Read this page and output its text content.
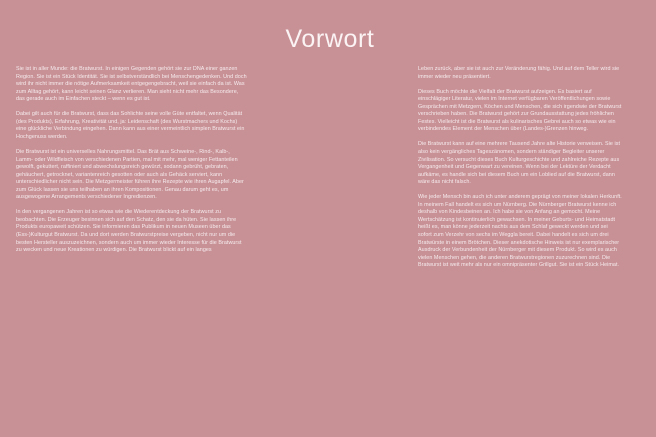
Vorwort

Sie ist in aller Munde: die Bratwurst. In einigen Gegenden gehört sie zur DNA einer ganzen Region. Sie ist ein Stück Identität. Sie ist selbstverständlich bei Menschengedenken. Und doch wird ihr nicht immer die nötige Aufmerksamkeit entgegengebracht, weil sie einfach da ist. Was zum Alltag gehört, kann leicht seinen Glanz verlieren. Man sieht nicht mehr das Besondere, das gerade auch im Einfachen steckt – wenn es gut ist.

Dabei gilt auch für die Bratwurst, dass das Sohlichte seine volle Güte entfaltet, wenn Qualität (des Produkts), Erfahrung, Kreativität und, ja: Leidenschaft (des Wurstmachers und Kochs) eine glückliche Verbindung eingehen. Dann kann aus einer vermeintlich simplen Bratwurst ein Hochgenuss werden.

Die Bratwurst ist ein universelles Nahrungsmittel. Das Brät aus Schweine-, Rind-, Kalb-, Lamm- oder Wildfleisch von verschiedenen Partien, mal mit mehr, mal weniger Fettanteilen gewolft, gekuttert, raffiniert und abwechslungsreich gewürzt, sodann gebrüht, gebraten, gehäuchert, getrocknet, variantenreich gesotten oder auch als Gehäck serviert, kann unterschiedlicher nicht sein. Die Metzgermeister führen ihre Rezepte wie ihren Augapfel. Aber zum Glück lassen sie uns teilhaben an ihren Kompositionen. Genau darum geht es, um ausgewogene Arrangements verschiedener Ingredienzen.

In den vergangenen Jahren ist so etwas wie die Wiederentdeckung der Bratwurst zu beobachten. Die Erzeuger besinnen sich auf den Schatz, den sie da hüten. Sie lassen ihre Produkts europaweit schützen. Sie informieren das Publikum in neuen Museen über das (Ess-)Kulturgut Bratwurst. Da und dort werden Bratwurstpreise vergeben, nicht nur um die besten Hersteller auszuzeichnen, sondern auch um immer wieder Interesse für die Bratwurst zu wecken und neue Kreationen zu würdigen. Die Bratwurst blickt auf ein langes

Leben zurück, aber sie ist auch zur Veränderung fähig. Und auf dem Teller wird sie immer wieder neu präsentiert.

Dieses Buch möchte die Vielfalt der Bratwurst aufzeigen. Es basiert auf einschlägiger Literatur, vielen im Internet verfügbaren Veröffentlichungen sowie Gesprächen mit Metzgern, Köchen und Menschen, die sich irgendwie der Bratwurst verschrieben haben. Die Bratwurst gehört zur Grundausstattung jedes fröhlichen Festes. Vielleicht ist die Bratwurst als kulinarisches Gebrei auch so etwas wie ein verbindendes Element der Menschen über (Landes-)Grenzen hinweg.

Die Bratwurst kann auf eine mehrere Tausend Jahre alte Historie verweisen. Sie ist also kein vergängliches Tageszänomen, sondern ständiger Begleiter unserer Zivilisation. So versucht dieses Buch Kulturgeschichte und zahlreiche Rezepte aus Vergangenheit und Gegenwart zu vereinen. Wenn bei der Lektüre der Verdacht aufkäme, es handle sich bei diesem Buch um ein Loblied auf die Bratwurst, dann wäre das nicht falsch.

Wie jeder Mensch bin auch ich unter anderem geprägt von meiner lokalen Herkunft. In meinem Fall handelt es sich um Nürnberg. Die Nürnberger Bratwurst kenne ich deshalb von Kindesbeinen an. Ich habe sie von Anfang an gemocht. Meine Wertschätzung ist kontinuierlich gewachsen. In meiner Geburts- und Heimatstadt heißt es, man könne jederzeit nachts aus dem Schlaf geweckt werden und sei sofort zum Verzehr von sechs im Weggla bereit. Dabei handelt es sich um drei Bratwürste in einem Brötchen. Dieser anekdotische Hinweis ist nur exemplarischer Ausdruck der Verbundenheit der Nürnberger mit diesem Produkt. So wird es auch vielen Menschen gehen, die anderen Bratwurstregionen zuzurechnen sind. Die Bratwurst ist weit mehr als nur ein omnipräsenter Grillgut. Sie ist ein Stück Heimat.
